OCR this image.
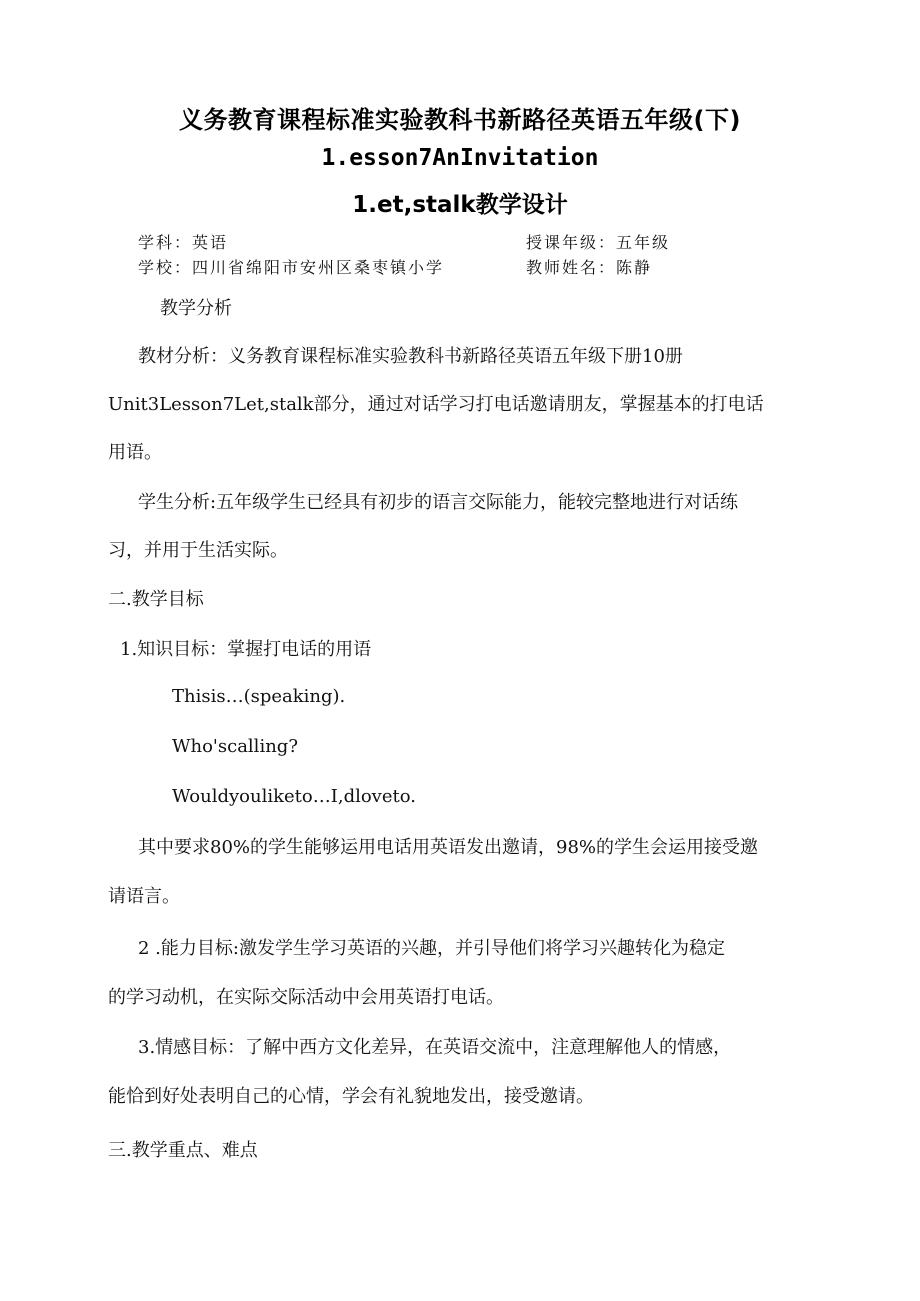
义务教育课程标准实验教科书新路径英语五年级(下)
1.esson7AnInvitation
1.et,stalk教学设计
学科：英语	授课年级：五年级
学校：四川省绵阳市安州区桑枣镇小学	教师姓名：陈静
教学分析
教材分析：义务教育课程标准实验教科书新路径英语五年级下册10册
Unit3Lesson7Let,stalk部分，通过对话学习打电话邀请朋友，掌握基本的打电话
用语。
学生分析:五年级学生已经具有初步的语言交际能力，能较完整地进行对话练
习，并用于生活实际。
二.教学目标
1.知识目标：掌握打电话的用语
Thisis…(speaking).
Who'scalling?
Wouldyouliketo…I,dloveto.
其中要求80%的学生能够运用电话用英语发出邀请，98%的学生会运用接受邀
请语言。
2 .能力目标:激发学生学习英语的兴趣，并引导他们将学习兴趣转化为稳定
的学习动机，在实际交际活动中会用英语打电话。
3.情感目标：了解中西方文化差异，在英语交流中，注意理解他人的情感，
能恰到好处表明自己的心情，学会有礼貌地发出，接受邀请。
三.教学重点、难点
